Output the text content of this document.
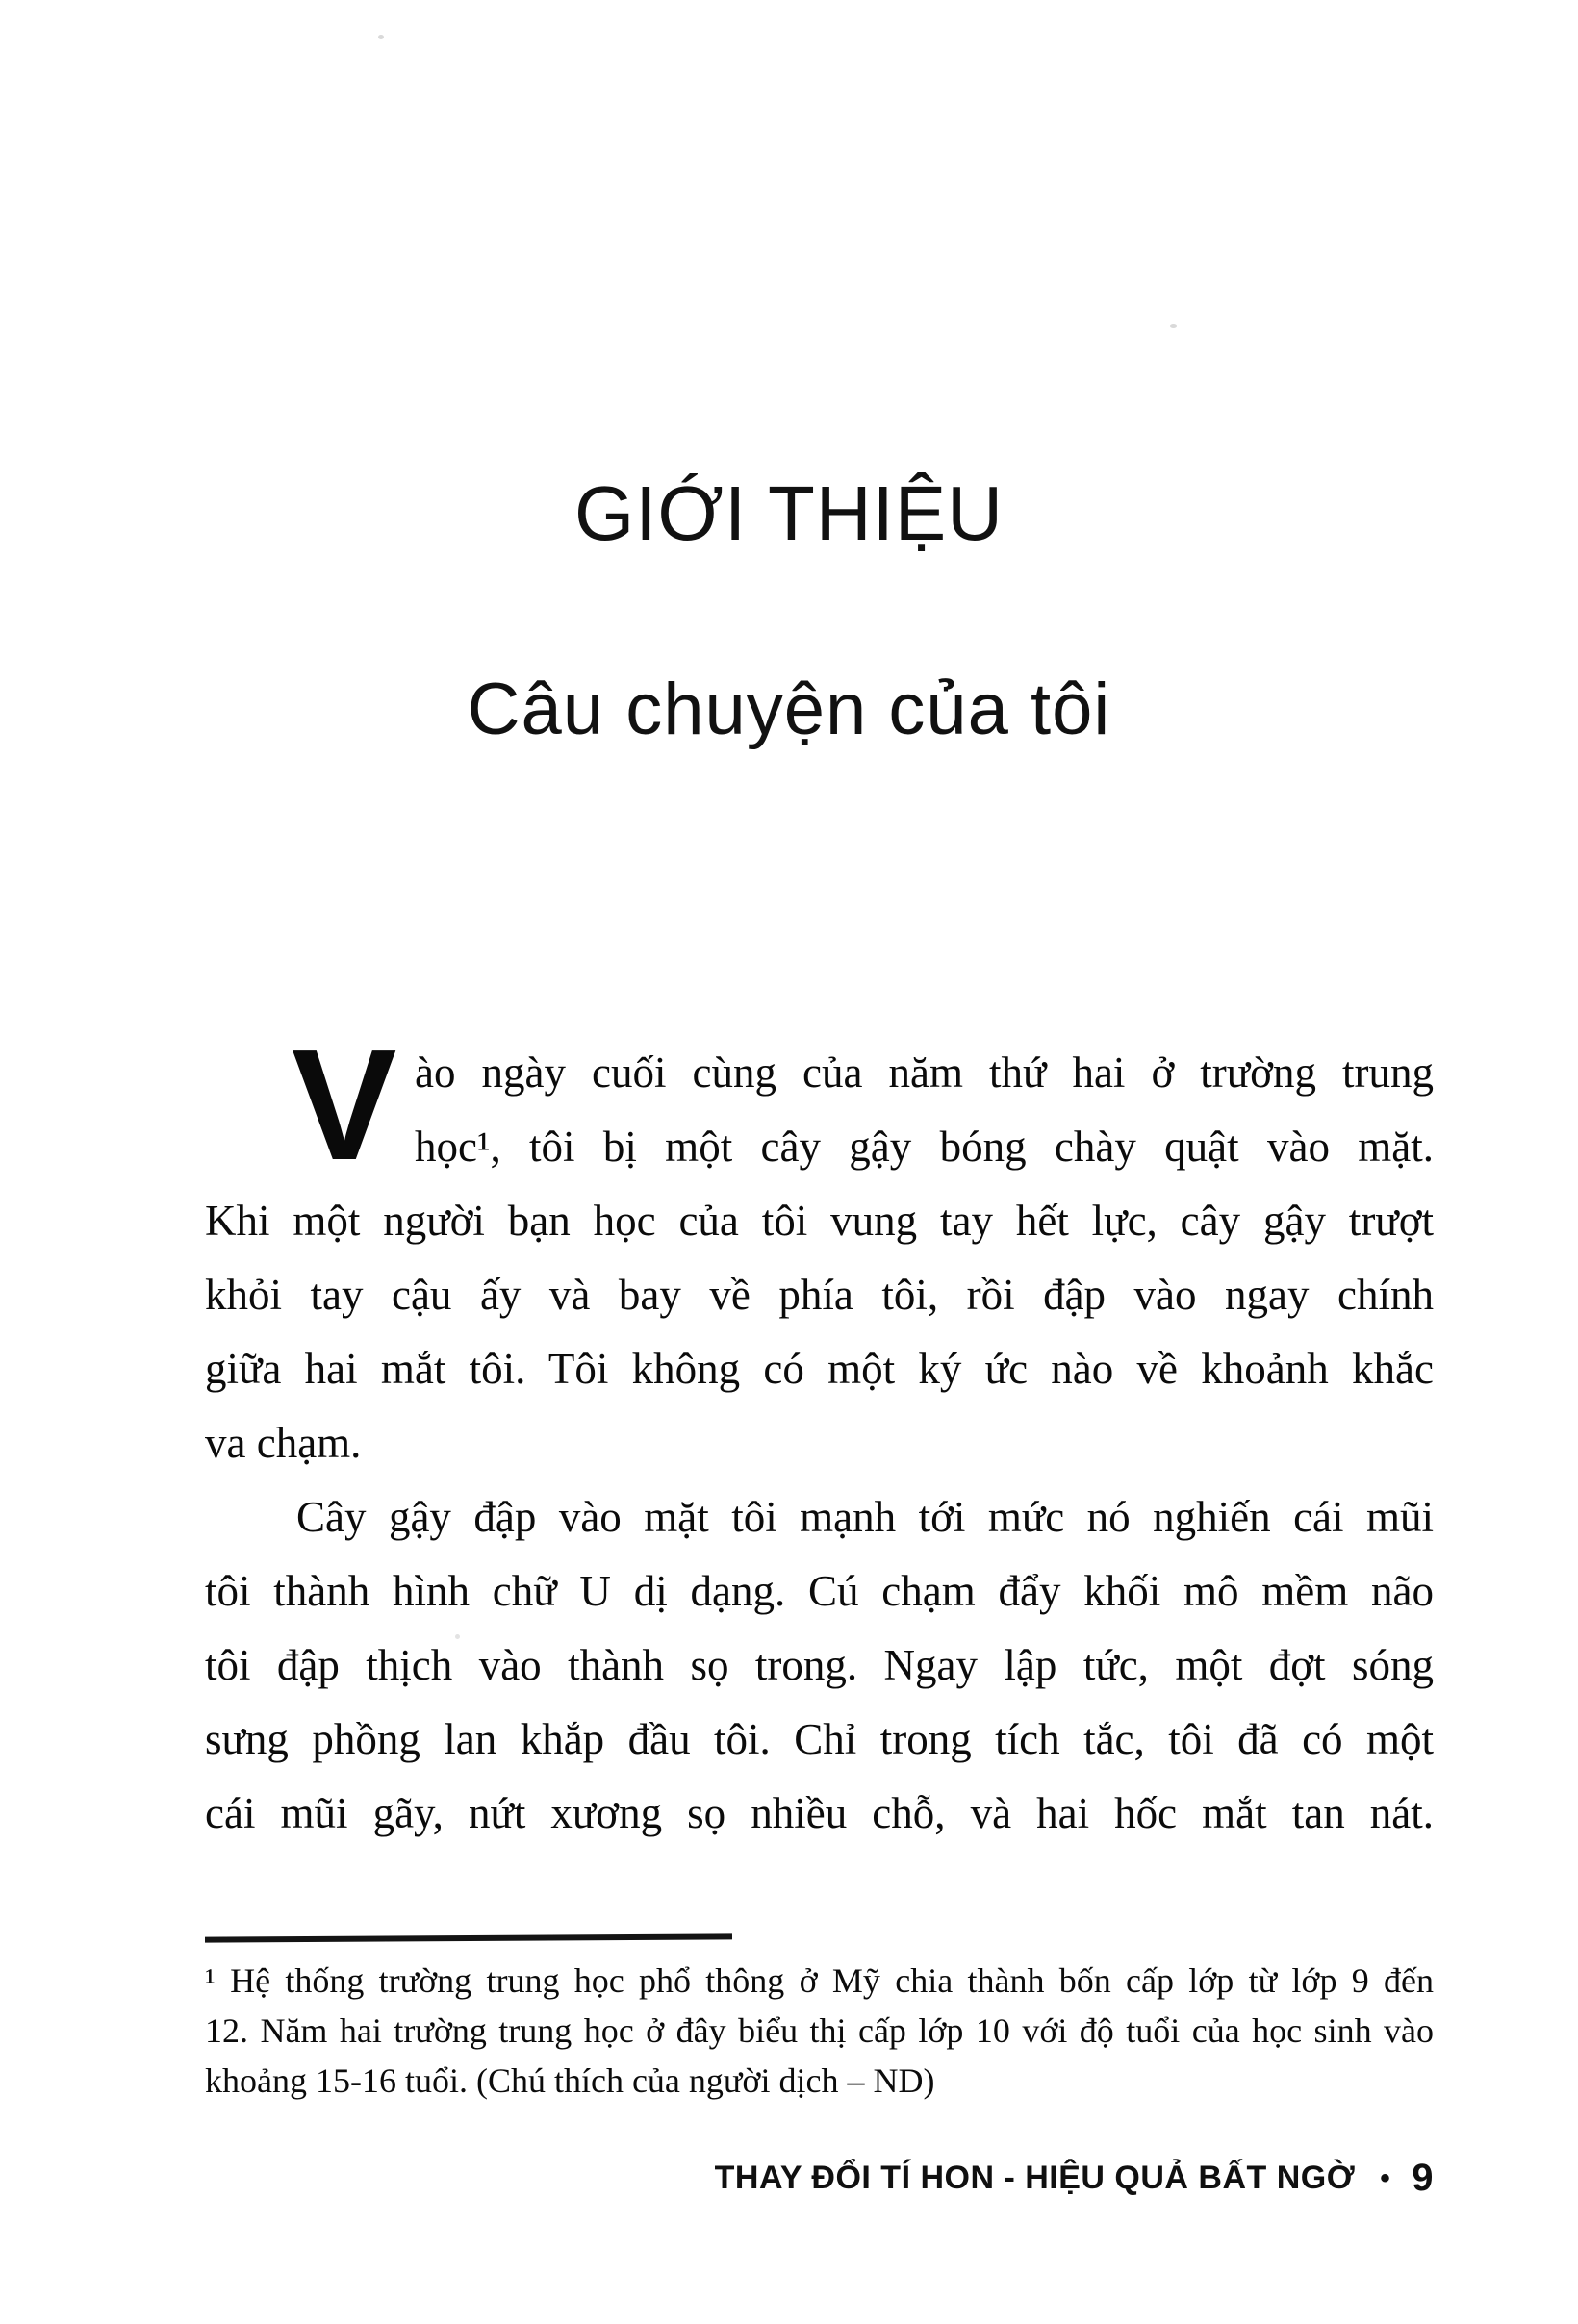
GIỚI THIỆU
Câu chuyện của tôi
V ào ngày cuối cùng của năm thứ hai ở trường trung
học¹, tôi bị một cây gậy bóng chày quật vào mặt.
Khi một người bạn học của tôi vung tay hết lực, cây gậy trượt
khỏi tay cậu ấy và bay về phía tôi, rồi đập vào ngay chính
giữa hai mắt tôi. Tôi không có một ký ức nào về khoảnh khắc
va chạm.
Cây gậy đập vào mặt tôi mạnh tới mức nó nghiến cái mũi
tôi thành hình chữ U dị dạng. Cú chạm đẩy khối mô mềm não
tôi đập thịch vào thành sọ trong. Ngay lập tức, một đợt sóng
sưng phồng lan khắp đầu tôi. Chỉ trong tích tắc, tôi đã có một
cái mũi gãy, nứt xương sọ nhiều chỗ, và hai hốc mắt tan nát.
¹ Hệ thống trường trung học phổ thông ở Mỹ chia thành bốn cấp lớp từ lớp 9 đến
12. Năm hai trường trung học ở đây biểu thị cấp lớp 10 với độ tuổi của học sinh vào
khoảng 15-16 tuổi. (Chú thích của người dịch – ND)
THAY ĐỔI TÍ HON - HIỆU QUẢ BẤT NGỜ • 9
